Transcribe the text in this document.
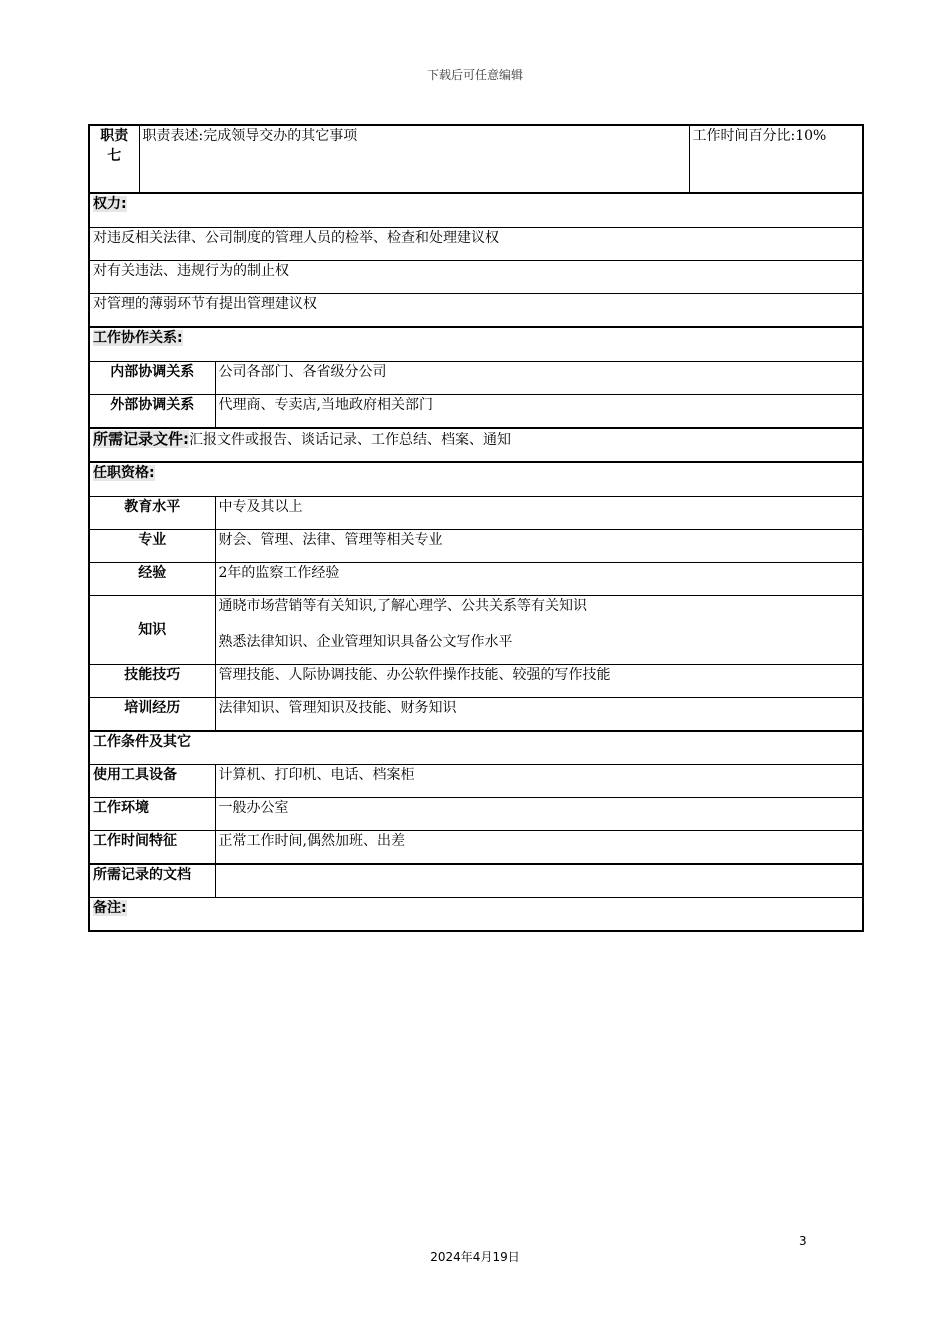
下载后可任意编辑
职责
七	职责表述:完成领导交办的其它事项		工作时间百分比:10%
权力:			
对违反相关法律、公司制度的管理人员的检举、检查和处理建议权			
对有关违法、违规行为的制止权			
对管理的薄弱环节有提出管理建议权			
工作协作关系:			
内部协调关系		公司各部门、各省级分公司	
外部协调关系		代理商、专卖店,当地政府相关部门	
所需记录文件:汇报文件或报告、谈话记录、工作总结、档案、通知			
任职资格:			
教育水平		中专及其以上	
专业		财会、管理、法律、管理等相关专业	
经验		2年的监察工作经验	
知识		通晓市场营销等有关知识,了解心理学、公共关系等有关知识
熟悉法律知识、企业管理知识具备公文写作水平	

技能技巧		管理技能、人际协调技能、办公软件操作技能、较强的写作技能	
培训经历		法律知识、管理知识及技能、财务知识	
工作条件及其它			
使用工具设备		计算机、打印机、电话、档案柜	
工作环境		一般办公室	
工作时间特征		正常工作时间,偶然加班、出差	
所需记录的文档			
备注:			
3
2024年4月19日
